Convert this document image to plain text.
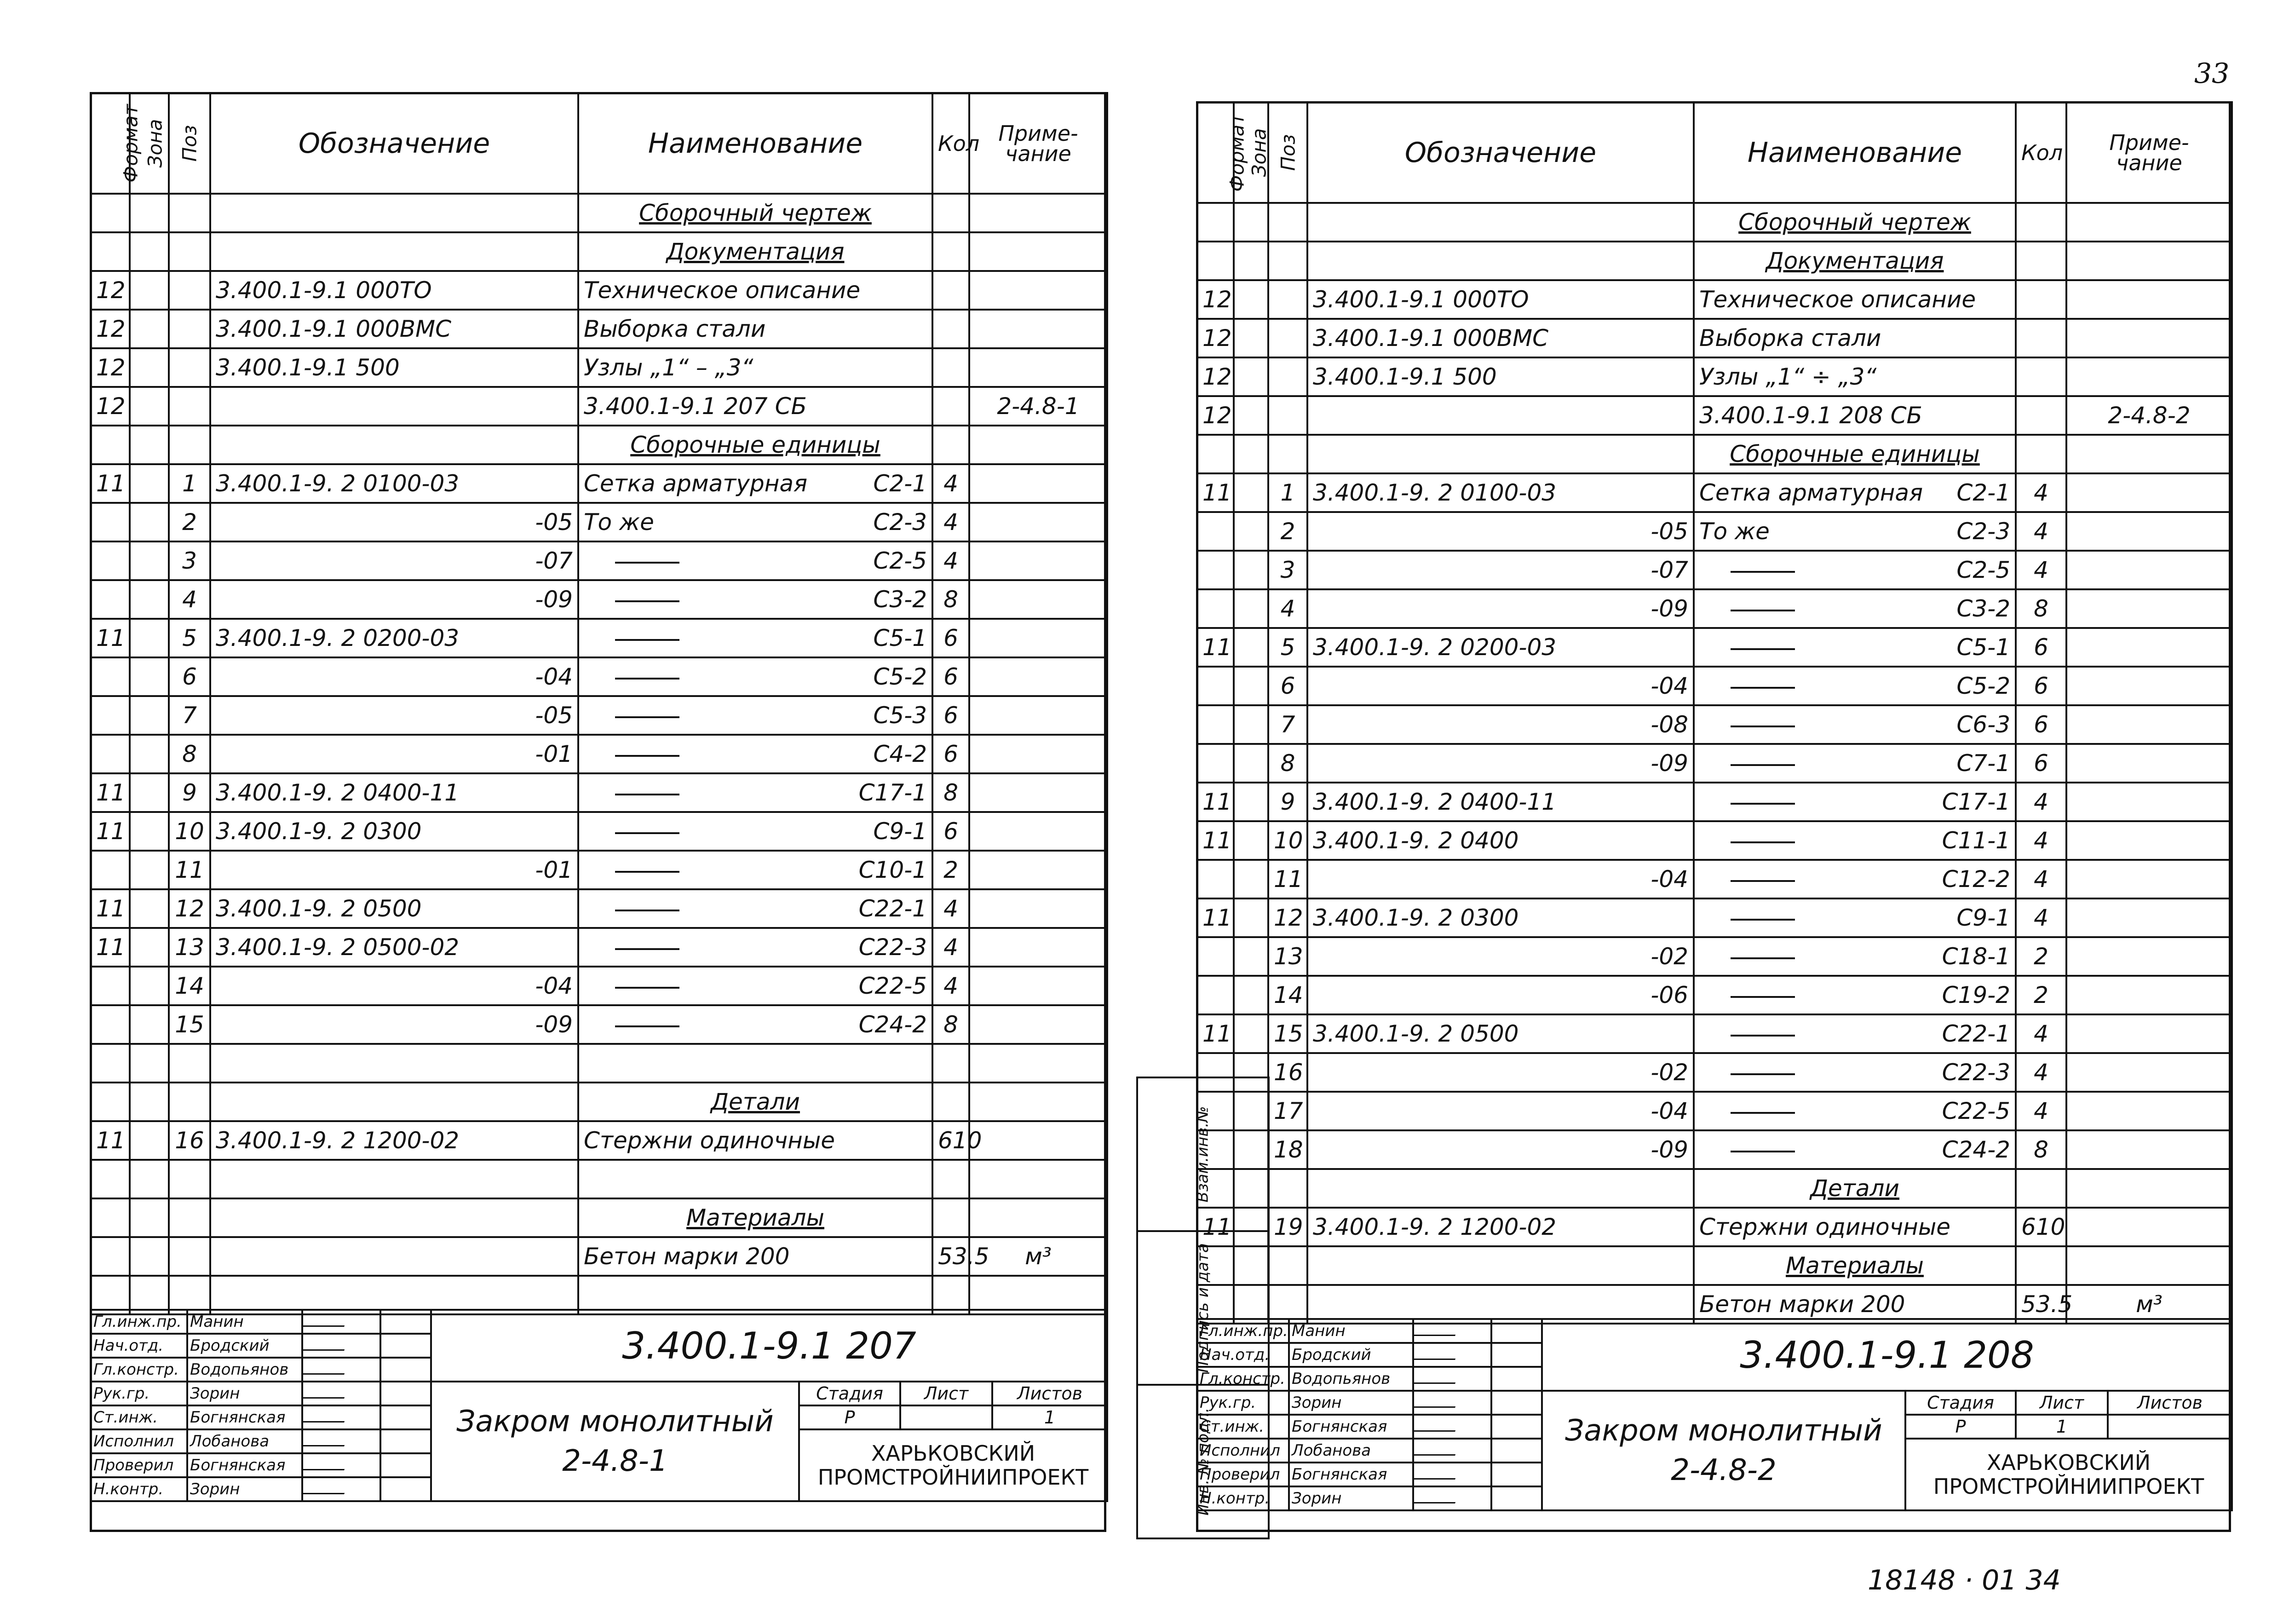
33
Формат	Зона	Поз	Обозначение	Наименование	Кол	Приме-
чание
				Сборочный чертеж		
				Документация		
12			3.400.1-9.1 000ТО	Техническое описание		

12			3.400.1-9.1 000ВМС	Выборка стали		

12			3.400.1-9.1 500	Узлы „1“ – „3“		

12				3.400.1-9.1 207 СБ		2-4.8-1
				Сборочные единицы		
11		1	3.400.1-9. 2 0100-03	Сетка арматурная С2-1	4	
		2	-05	То же С2-3	4	
		3	-07	С2-5	4	
		4	-09	С3-2	8	
11		5	3.400.1-9. 2 0200-03	С5-1	6	
		6	-04	С5-2	6	
		7	-05	С5-3	6	
		8	-01	С4-2	6	
11		9	3.400.1-9. 2 0400-11	С17-1	8	
11		10	3.400.1-9. 2 0300	С9-1	6	
		11	-01	С10-1	2	
11		12	3.400.1-9. 2 0500	С22-1	4	
11		13	3.400.1-9. 2 0500-02	С22-3	4	
		14	-04	С22-5	4	
		15	-09	С24-2	8	

				Детали		
11		16	3.400.1-9. 2 1200-02	Стержни одиночные	610	

				Материалы		

				Бетон марки 200	53.5	м³

Гл.инж.пр.	Манин			3.400.1-9.1 207			
Нач.отд.	Бродский						
Гл.констр.	Водопьянов						
Рук.гр.	Зорин			Закром монолитный
2-4.8-1	Стадия	Лист	Листов
Ст.инж.	Богнянская				Р		1
Исполнил	Лобанова				ХАРЬКОВСКИЙ
ПРОМСТРОЙНИИПРОЕКТ		
Проверил	Богнянская						
Н.контр.	Зорин						
Взам.инв.№
Подпись и дата
Инв. № подл.
Формат	Зона	Поз	Обозначение	Наименование	Кол	Приме-
чание
				Сборочный чертеж		
				Документация		
12			3.400.1-9.1 000ТО	Техническое описание		

12			3.400.1-9.1 000ВМС	Выборка стали		

12			3.400.1-9.1 500	Узлы „1“ ÷ „3“		

12				3.400.1-9.1 208 СБ		2-4.8-2
				Сборочные единицы		
11		1	3.400.1-9. 2 0100-03	Сетка арматурная С2-1	4	
		2	-05	То же С2-3	4	
		3	-07	С2-5	4	
		4	-09	С3-2	8	
11		5	3.400.1-9. 2 0200-03	С5-1	6	
		6	-04	С5-2	6	
		7	-08	С6-3	6	
		8	-09	С7-1	6	
11		9	3.400.1-9. 2 0400-11	С17-1	4	
11		10	3.400.1-9. 2 0400	С11-1	4	
		11	-04	С12-2	4	
11		12	3.400.1-9. 2 0300	С9-1	4	
		13	-02	С18-1	2	
		14	-06	С19-2	2	
11		15	3.400.1-9. 2 0500	С22-1	4	
		16	-02	С22-3	4	
		17	-04	С22-5	4	
		18	-09	С24-2	8	
				Детали		
11		19	3.400.1-9. 2 1200-02	Стержни одиночные	610	
				Материалы		

				Бетон марки 200	53.5	м³
Гл.инж.пр.	Манин			3.400.1-9.1 208			
Нач.отд.	Бродский						
Гл.констр.	Водопьянов						
Рук.гр.	Зорин			Закром монолитный
2-4.8-2	Стадия	Лист	Листов
Ст.инж.	Богнянская				Р	1	
Исполнил	Лобанова				ХАРЬКОВСКИЙ
ПРОМСТРОЙНИИПРОЕКТ		
Проверил	Богнянская						
Н.контр.	Зорин						
18148 · 01 34
